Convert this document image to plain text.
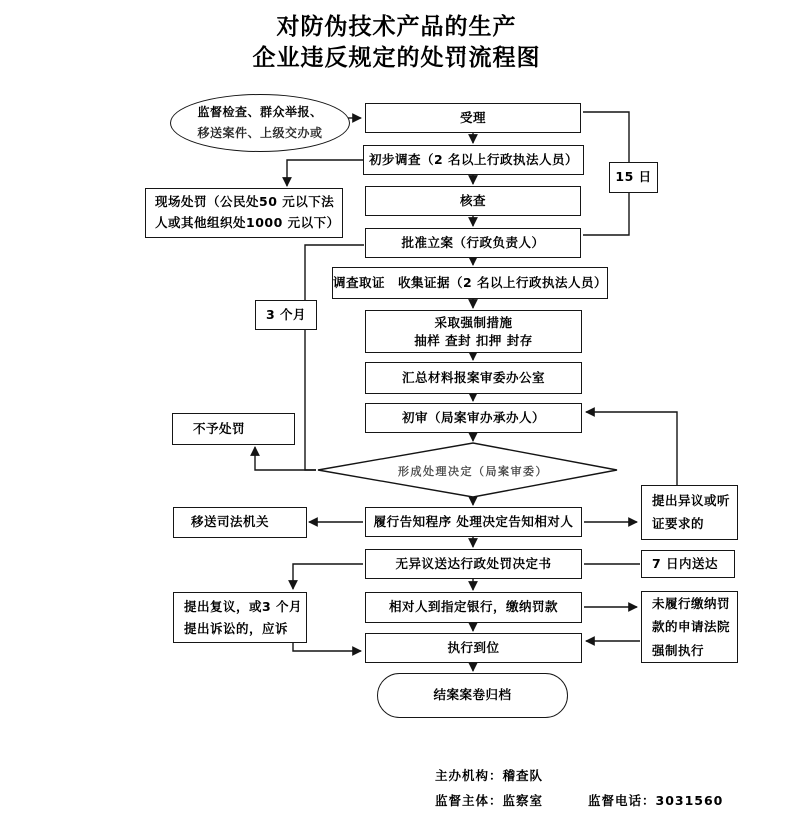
对防伪技术产品的生产
企业违反规定的处罚流程图
监督检查、群众举报、
移送案件、上级交办或
受理
初步调查（2 名以上行政执法人员）
核查
批准立案（行政负责人）
调查取证　收集证据（2 名以上行政执法人员）
采取强制措施
抽样 查封 扣押 封存
汇总材料报案审委办公室
初审（局案审办承办人）
形成处理决定（局案审委）
履行告知程序 处理决定告知相对人
无异议送达行政处罚决定书
相对人到指定银行，缴纳罚款
执行到位
结案案卷归档
现场处罚（公民处50 元以下法
人或其他组织处1000 元以下）
不予处罚
移送司法机关
提出复议，或3 个月
提出诉讼的，应诉
3 个月
15 日
提出异议或听
证要求的
7 日内送达
未履行缴纳罚
款的申请法院
强制执行
主办机构：稽查队
监督主体：监察室	监督电话：3031560
